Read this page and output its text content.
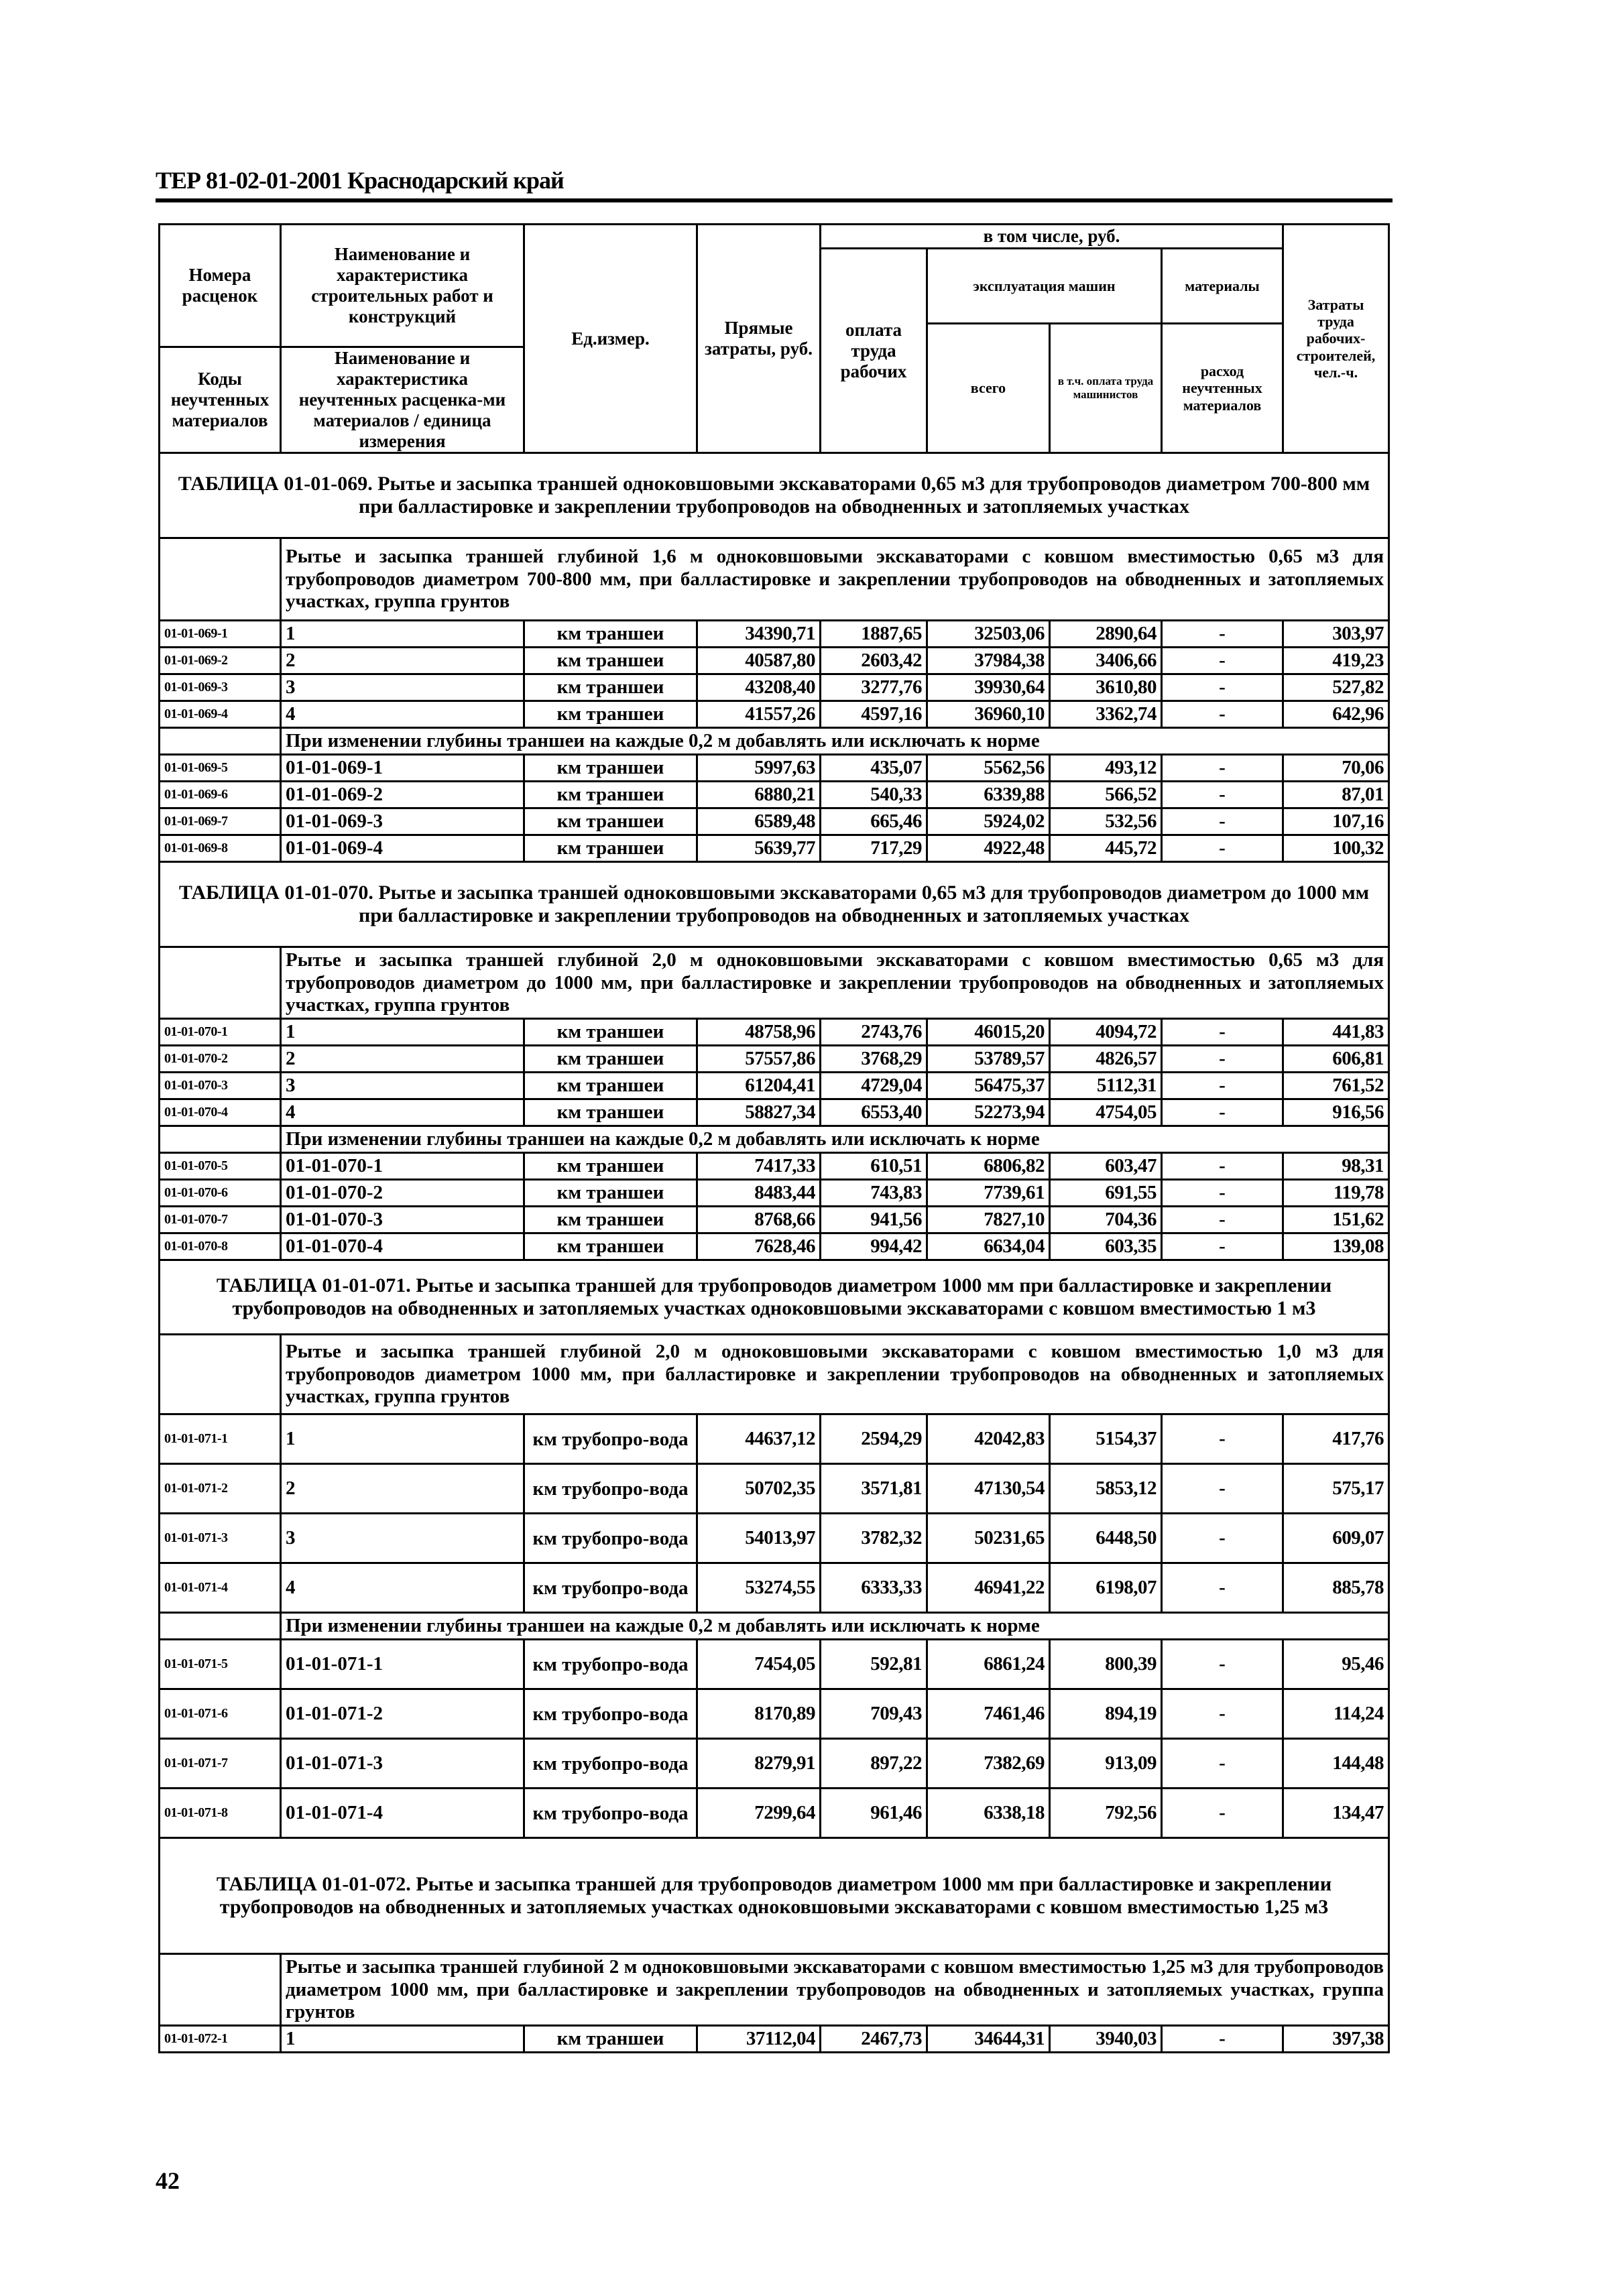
ТЕР 81-02-01-2001 Краснодарский край
Номера расценок	Наименование и характеристика строительных работ и конструкций	Ед.измер.	Прямые затраты, руб.	в том числе, руб.				Затраты труда рабочих-строителей, чел.-ч.
				оплата труда рабочих	эксплуатация машин		материалы	
					всего	в т.ч. оплата труда машинистов	расход неучтенных материалов	
Коды неучтенных материалов	Наименование и характеристика неучтенных расценка-ми материалов / единица измерения							

ТАБЛИЦА 01-01-069. Рытье и засыпка траншей одноковшовыми экскаваторами 0,65 м3 для трубопроводов диаметром 700-800 мм при балластировке и закреплении трубопроводов на обводненных и затопляемых участках								
	Рытье и засыпка траншей глубиной 1,6 м одноковшовыми экскаваторами с ковшом вместимостью 0,65 м3 для трубопроводов диаметром 700-800 мм, при балластировке и закреплении трубопроводов на обводненных и затопляемых участках, группа грунтов							
01-01-069-1	1	км траншеи	34390,71	1887,65	32503,06	2890,64	-	303,97
01-01-069-2	2	км траншеи	40587,80	2603,42	37984,38	3406,66	-	419,23
01-01-069-3	3	км траншеи	43208,40	3277,76	39930,64	3610,80	-	527,82
01-01-069-4	4	км траншеи	41557,26	4597,16	36960,10	3362,74	-	642,96
	При изменении глубины траншеи на каждые 0,2 м добавлять или исключать к норме							
01-01-069-5	01-01-069-1	км траншеи	5997,63	435,07	5562,56	493,12	-	70,06
01-01-069-6	01-01-069-2	км траншеи	6880,21	540,33	6339,88	566,52	-	87,01
01-01-069-7	01-01-069-3	км траншеи	6589,48	665,46	5924,02	532,56	-	107,16
01-01-069-8	01-01-069-4	км траншеи	5639,77	717,29	4922,48	445,72	-	100,32
ТАБЛИЦА 01-01-070. Рытье и засыпка траншей одноковшовыми экскаваторами 0,65 м3 для трубопроводов диаметром до 1000 мм при балластировке и закреплении трубопроводов на обводненных и затопляемых участках								
	Рытье и засыпка траншей глубиной 2,0 м одноковшовыми экскаваторами с ковшом вместимостью 0,65 м3 для трубопроводов диаметром до 1000 мм, при балластировке и закреплении трубопроводов на обводненных и затопляемых участках, группа грунтов							
01-01-070-1	1	км траншеи	48758,96	2743,76	46015,20	4094,72	-	441,83
01-01-070-2	2	км траншеи	57557,86	3768,29	53789,57	4826,57	-	606,81
01-01-070-3	3	км траншеи	61204,41	4729,04	56475,37	5112,31	-	761,52
01-01-070-4	4	км траншеи	58827,34	6553,40	52273,94	4754,05	-	916,56
	При изменении глубины траншеи на каждые 0,2 м добавлять или исключать к норме							
01-01-070-5	01-01-070-1	км траншеи	7417,33	610,51	6806,82	603,47	-	98,31
01-01-070-6	01-01-070-2	км траншеи	8483,44	743,83	7739,61	691,55	-	119,78
01-01-070-7	01-01-070-3	км траншеи	8768,66	941,56	7827,10	704,36	-	151,62
01-01-070-8	01-01-070-4	км траншеи	7628,46	994,42	6634,04	603,35	-	139,08
ТАБЛИЦА 01-01-071. Рытье и засыпка траншей для трубопроводов диаметром 1000 мм при балластировке и закреплении трубопроводов на обводненных и затопляемых участках одноковшовыми экскаваторами с ковшом вместимостью 1 м3								
	Рытье и засыпка траншей глубиной 2,0 м одноковшовыми экскаваторами с ковшом вместимостью 1,0 м3 для трубопроводов диаметром 1000 мм, при балластировке и закреплении трубопроводов на обводненных и затопляемых участках, группа грунтов							
01-01-071-1	1	км трубопро-вода	44637,12	2594,29	42042,83	5154,37	-	417,76
01-01-071-2	2	км трубопро-вода	50702,35	3571,81	47130,54	5853,12	-	575,17
01-01-071-3	3	км трубопро-вода	54013,97	3782,32	50231,65	6448,50	-	609,07
01-01-071-4	4	км трубопро-вода	53274,55	6333,33	46941,22	6198,07	-	885,78
	При изменении глубины траншеи на каждые 0,2 м добавлять или исключать к норме							
01-01-071-5	01-01-071-1	км трубопро-вода	7454,05	592,81	6861,24	800,39	-	95,46
01-01-071-6	01-01-071-2	км трубопро-вода	8170,89	709,43	7461,46	894,19	-	114,24
01-01-071-7	01-01-071-3	км трубопро-вода	8279,91	897,22	7382,69	913,09	-	144,48
01-01-071-8	01-01-071-4	км трубопро-вода	7299,64	961,46	6338,18	792,56	-	134,47
ТАБЛИЦА 01-01-072. Рытье и засыпка траншей для трубопроводов диаметром 1000 мм при балластировке и закреплении трубопроводов на обводненных и затопляемых участках одноковшовыми экскаваторами с ковшом вместимостью 1,25 м3								
	Рытье и засыпка траншей глубиной 2 м одноковшовыми экскаваторами с ковшом вместимостью 1,25 м3 для трубопроводов диаметром 1000 мм, при балластировке и закреплении трубопроводов на обводненных и затопляемых участках, группа грунтов							
01-01-072-1	1	км траншеи	37112,04	2467,73	34644,31	3940,03	-	397,38
42
